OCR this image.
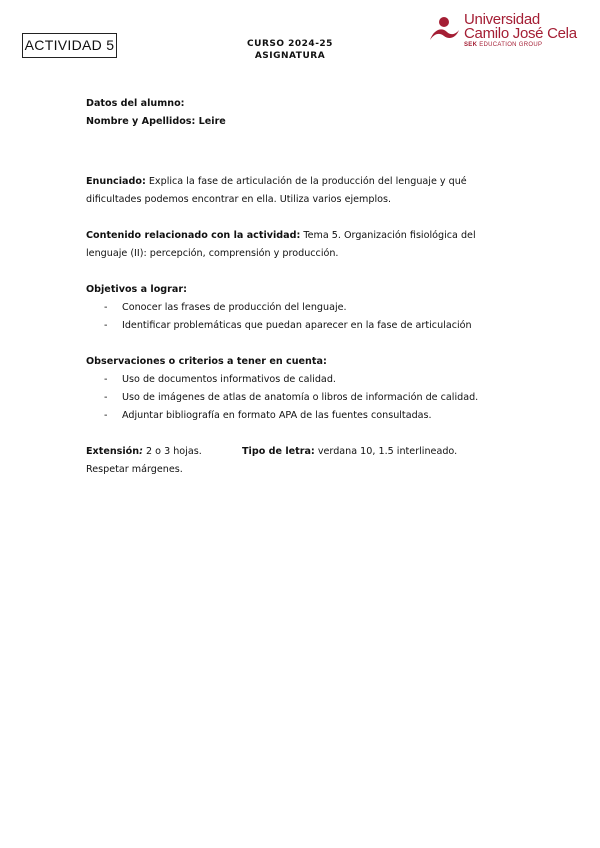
ACTIVIDAD 5	CURSO 2024-25
ASIGNATURA
Universidad
Camilo José Cela
SEK EDUCATION GROUP
Datos del alumno:
Nombre y Apellidos: Leire
Enunciado: Explica la fase de articulación de la producción del lenguaje y qué
dificultades podemos encontrar en ella. Utiliza varios ejemplos.
Contenido relacionado con la actividad: Tema 5. Organización fisiológica del
lenguaje (II): percepción, comprensión y producción.
Objetivos a lograr:
- Conocer las frases de producción del lenguaje.
- Identificar problemáticas que puedan aparecer en la fase de articulación
Observaciones o criterios a tener en cuenta:
- Uso de documentos informativos de calidad.
- Uso de imágenes de atlas de anatomía o libros de información de calidad.
- Adjuntar bibliografía en formato APA de las fuentes consultadas.
Extensión: 2 o 3 hojas.	Tipo de letra: verdana 10, 1.5 interlineado.
Respetar márgenes.
